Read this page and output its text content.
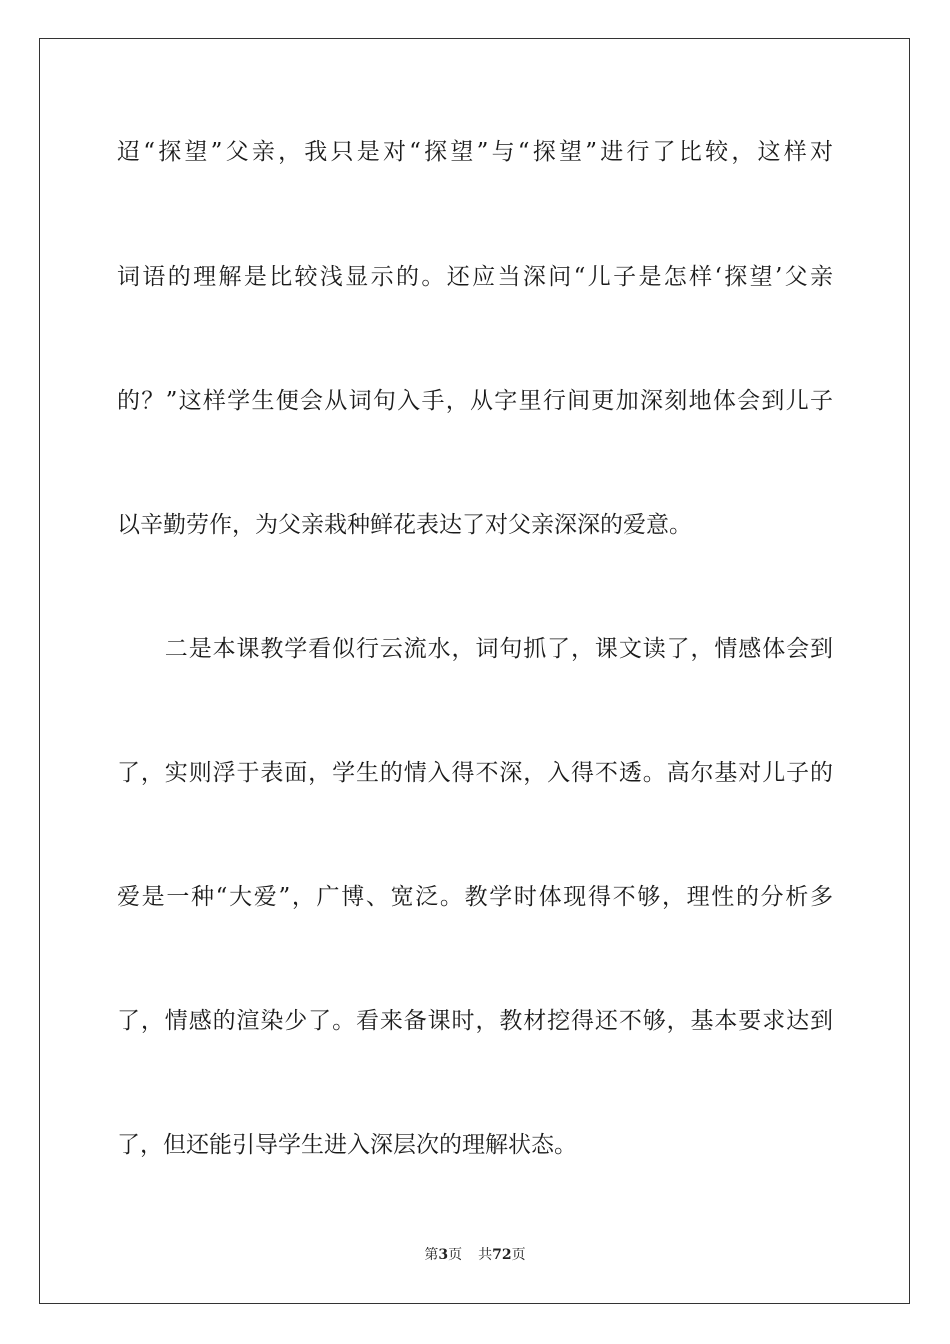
迢“探望”父亲，我只是对“探望”与“探望”进行了比较，这样对
词语的理解是比较浅显示的。还应当深问“儿子是怎样‘探望’父亲
的？”这样学生便会从词句入手，从字里行间更加深刻地体会到儿子
以辛勤劳作，为父亲栽种鲜花表达了对父亲深深的爱意。
　　二是本课教学看似行云流水，词句抓了，课文读了，情感体会到
了，实则浮于表面，学生的情入得不深，入得不透。高尔基对儿子的
爱是一种“大爱”，广博、宽泛。教学时体现得不够，理性的分析多
了，情感的渲染少了。看来备课时，教材挖得还不够，基本要求达到
了，但还能引导学生进入深层次的理解状态。
第3页 共72页
